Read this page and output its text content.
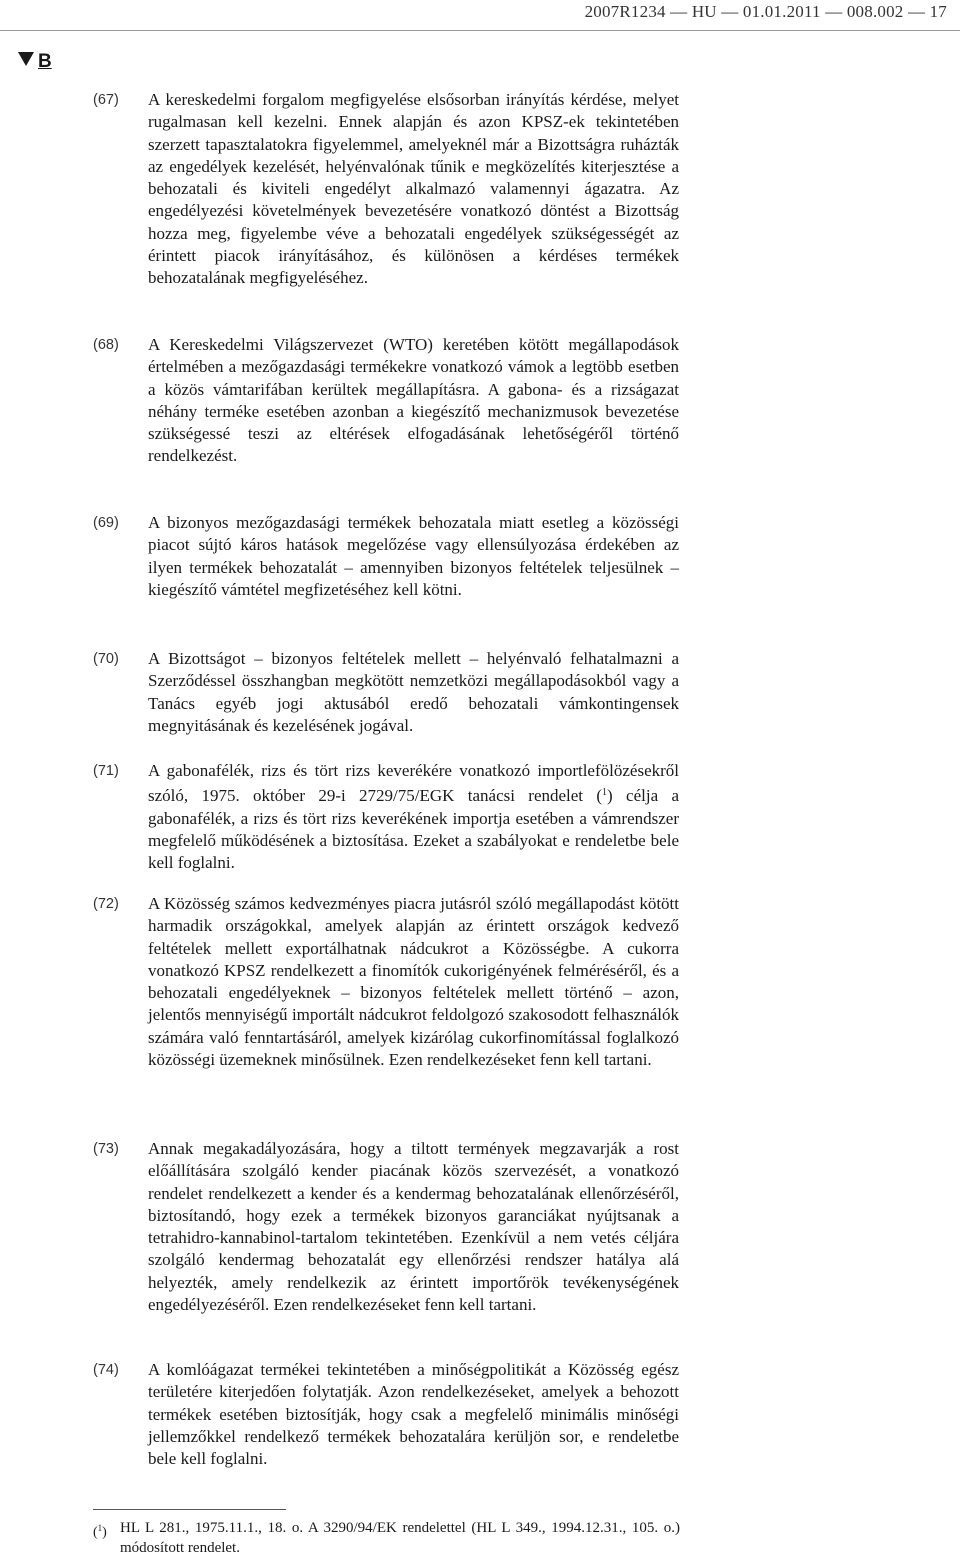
2007R1234 — HU — 01.01.2011 — 008.002 — 17
B
(67) A kereskedelmi forgalom megfigyelése elsősorban irányítás kérdése, melyet rugalmasan kell kezelni. Ennek alapján és azon KPSZ-ek tekintetében szerzett tapasztalatokra figyelemmel, amelyeknél már a Bizottságra ruházták az engedélyek kezelését, helyénvalónak tűnik e megközelítés kiterjesztése a behozatali és kiviteli engedélyt alkalmazó valamennyi ágazatra. Az engedélyezési követelmények bevezetésére vonatkozó döntést a Bizottság hozza meg, figyelembe véve a behozatali engedélyek szükségességét az érintett piacok irányításához, és különösen a kérdéses termékek behozatalának megfigyeléséhez.
(68) A Kereskedelmi Világszervezet (WTO) keretében kötött megállapodások értelmében a mezőgazdasági termékekre vonatkozó vámok a legtöbb esetben a közös vámtarifában kerültek megállapításra. A gabona- és a rizságazat néhány terméke esetében azonban a kiegészítő mechanizmusok bevezetése szükségessé teszi az eltérések elfogadásának lehetőségéről történő rendelkezést.
(69) A bizonyos mezőgazdasági termékek behozatala miatt esetleg a közösségi piacot sújtó káros hatások megelőzése vagy ellensúlyozása érdekében az ilyen termékek behozatalát – amennyiben bizonyos feltételek teljesülnek – kiegészítő vámtétel megfizetéséhez kell kötni.
(70) A Bizottságot – bizonyos feltételek mellett – helyénvaló felhatalmazni a Szerződéssel összhangban megkötött nemzetközi megállapodásokból vagy a Tanács egyéb jogi aktusából eredő behozatali vámkontingensek megnyitásának és kezelésének jogával.
(71) A gabonafélék, rizs és tört rizs keverékére vonatkozó importlefölözésekről szóló, 1975. október 29-i 2729/75/EGK tanácsi rendelet ($^1$) célja a gabonafélék, a rizs és tört rizs keverékének importja esetében a vámrendszer megfelelő működésének a biztosítása. Ezeket a szabályokat e rendeletbe bele kell foglalni.
(72) A Közösség számos kedvezményes piacra jutásról szóló megállapodást kötött harmadik országokkal, amelyek alapján az érintett országok kedvező feltételek mellett exportálhatnak nádcukrot a Közösségbe. A cukorra vonatkozó KPSZ rendelkezett a finomítók cukorigényének felméréséről, és a behozatali engedélyeknek – bizonyos feltételek mellett történő – azon, jelentős mennyiségű importált nádcukrot feldolgozó szakosodott felhasználók számára való fenntartásáról, amelyek kizárólag cukorfinomítással foglalkozó közösségi üzemeknek minősülnek. Ezen rendelkezéseket fenn kell tartani.
(73) Annak megakadályozására, hogy a tiltott termények megzavarják a rost előállítására szolgáló kender piacának közös szervezését, a vonatkozó rendelet rendelkezett a kender és a kendermag behozatalának ellenőrzéséről, biztosítandó, hogy ezek a termékek bizonyos garanciákat nyújtsanak a tetrahidro-kannabinol-tartalom tekintetében. Ezenkívül a nem vetés céljára szolgáló kendermag behozatalát egy ellenőrzési rendszer hatálya alá helyezték, amely rendelkezik az érintett importőrök tevékenységének engedélyezéséről. Ezen rendelkezéseket fenn kell tartani.
(74) A komlóágazat termékei tekintetében a minőségpolitikát a Közösség egész területére kiterjedően folytatják. Azon rendelkezéseket, amelyek a behozott termékek esetében biztosítják, hogy csak a megfelelő minimális minőségi jellemzőkkel rendelkező termékek behozatalára kerüljön sor, e rendeletbe bele kell foglalni.
($^1$) HL L 281., 1975.11.1., 18. o. A 3290/94/EK rendelettel (HL L 349., 1994.12.31., 105. o.) módosított rendelet.
